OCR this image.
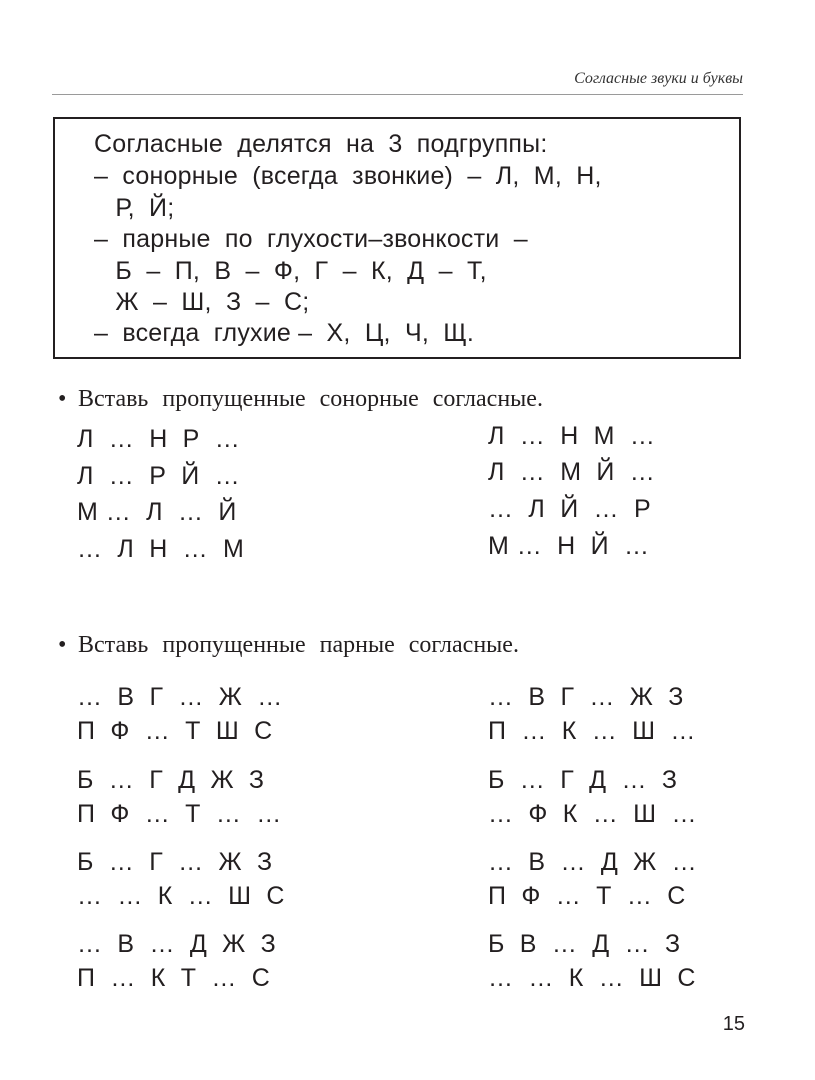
Согласные звуки и буквы
Согласные  делятся  на  3  подгруппы:
–  сонорные  (всегда  звонкие)  –  Л,  М,  Н,
Р,  Й;
–  парные  по  глухости–звонкости  –
Б  –  П,  В  –  Ф,  Г  –  К,  Д  –  Т,
Ж  –  Ш,  З  –  С;
–  всегда  глухие –  Х,  Ц,  Ч,  Щ.
• Вставь пропущенные сонорные согласные.
Л  …  Н  Р  …
Л  …  Р  Й  …
М …  Л  …  Й
…  Л  Н  …  М
Л  …  Н  М  …
Л  …  М  Й  …
…  Л  Й  …  Р
М …  Н  Й  …
• Вставь пропущенные парные согласные.
…  В  Г  …  Ж  …
П  Ф  …  Т  Ш  С
Б  …  Г  Д  Ж  З
П  Ф  …  Т  …  …
Б  …  Г  …  Ж  З
…  …  К  …  Ш  С
…  В  …  Д  Ж  З
П  …  К  Т  …  С
…  В  Г  …  Ж  З
П  …  К  …  Ш  …
Б  …  Г  Д  …  З
…  Ф  К  …  Ш  …
…  В  …  Д  Ж  …
П  Ф  …  Т  …  С
Б  В  …  Д  …  З
…  …  К  …  Ш  С
15
